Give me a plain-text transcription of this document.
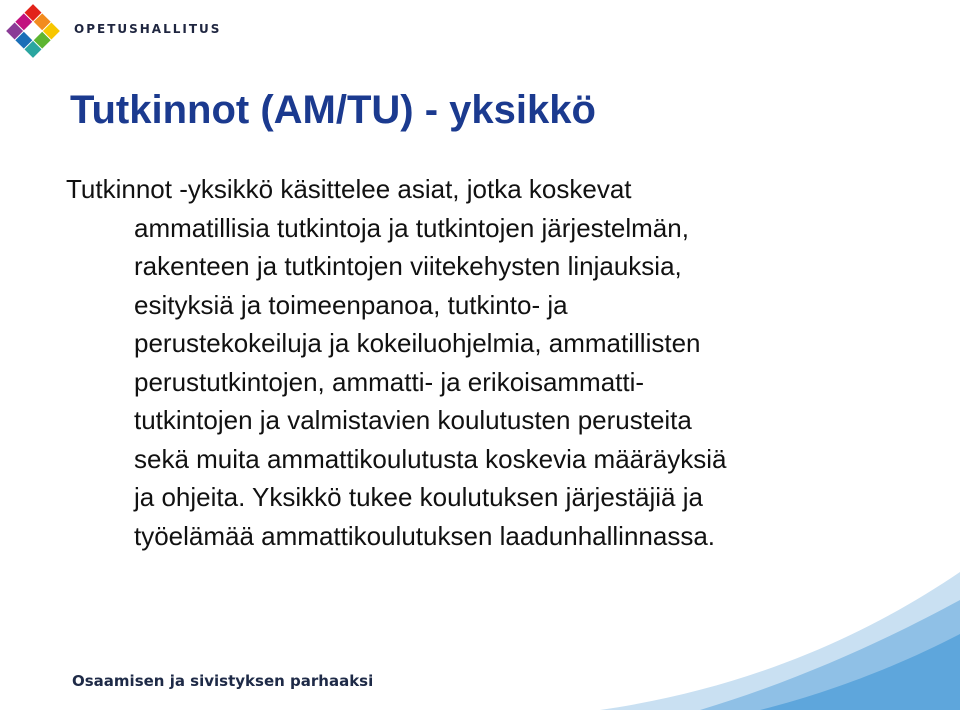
OPETUSHALLITUS
Tutkinnot (AM/TU) - yksikkö

Tutkinnot -yksikkö käsittelee asiat, jotka koskevat
ammatillisia tutkintoja ja tutkintojen järjestelmän,
rakenteen ja tutkintojen viitekehysten linjauksia,
esityksiä ja toimeenpanoa, tutkinto- ja
perustekokeiluja ja kokeiluohjelmia, ammatillisten
perustutkintojen, ammatti- ja erikoisammatti-
tutkintojen ja valmistavien koulutusten perusteita
sekä muita ammattikoulutusta koskevia määräyksiä
ja ohjeita. Yksikkö tukee koulutuksen järjestäjiä ja
työelämää ammattikoulutuksen laadunhallinnassa.

Osaamisen ja sivistyksen parhaaksi
